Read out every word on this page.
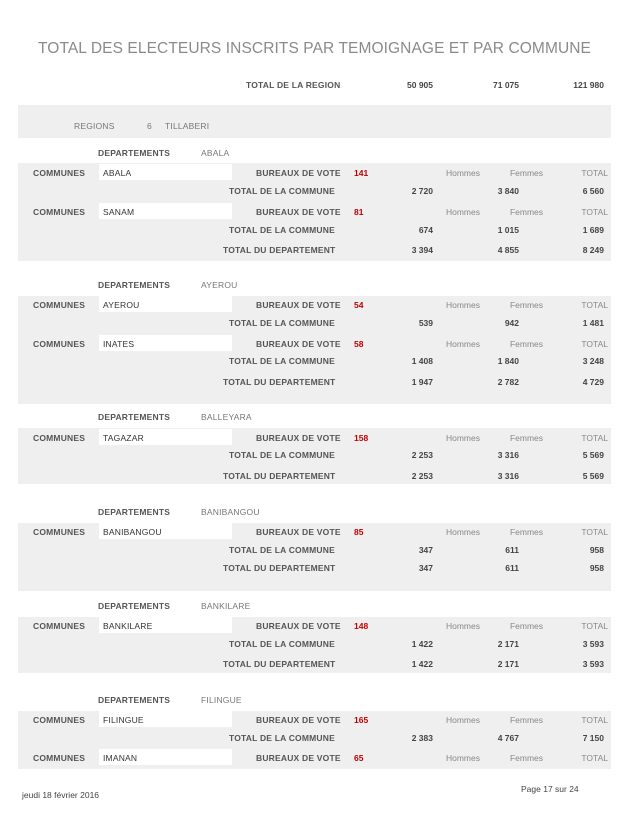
TOTAL DES ELECTEURS INSCRITS PAR TEMOIGNAGE ET PAR COMMUNE
TOTAL DE LA REGION	50 905	71 075	121 980
REGIONS	6 TILLABERI
DEPARTEMENTS	ABALA
COMMUNES ABALA	BUREAUX DE VOTE 141	Hommes	Femmes	TOTAL
TOTAL DE LA COMMUNE	2 720	3 840	6 560
COMMUNES SANAM	BUREAUX DE VOTE 81	Hommes	Femmes	TOTAL
TOTAL DE LA COMMUNE	674	1 015	1 689
TOTAL DU DEPARTEMENT	3 394	4 855	8 249
DEPARTEMENTS	AYEROU
COMMUNES AYEROU	BUREAUX DE VOTE 54	Hommes	Femmes	TOTAL
TOTAL DE LA COMMUNE	539	942	1 481
COMMUNES INATES	BUREAUX DE VOTE 58	Hommes	Femmes	TOTAL
TOTAL DE LA COMMUNE	1 408	1 840	3 248
TOTAL DU DEPARTEMENT	1 947	2 782	4 729
DEPARTEMENTS	BALLEYARA
COMMUNES TAGAZAR	BUREAUX DE VOTE 158	Hommes	Femmes	TOTAL
TOTAL DE LA COMMUNE	2 253	3 316	5 569
TOTAL DU DEPARTEMENT	2 253	3 316	5 569
DEPARTEMENTS	BANIBANGOU
COMMUNES BANIBANGOU	BUREAUX DE VOTE 85	Hommes	Femmes	TOTAL
TOTAL DE LA COMMUNE	347	611	958
TOTAL DU DEPARTEMENT	347	611	958
DEPARTEMENTS	BANKILARE
COMMUNES BANKILARE	BUREAUX DE VOTE 148	Hommes	Femmes	TOTAL
TOTAL DE LA COMMUNE	1 422	2 171	3 593
TOTAL DU DEPARTEMENT	1 422	2 171	3 593
DEPARTEMENTS	FILINGUE
COMMUNES FILINGUE	BUREAUX DE VOTE 165	Hommes	Femmes	TOTAL
TOTAL DE LA COMMUNE	2 383	4 767	7 150
COMMUNES IMANAN	BUREAUX DE VOTE 65	Hommes	Femmes	TOTAL
jeudi 18 février 2016
Page 17 sur 24
